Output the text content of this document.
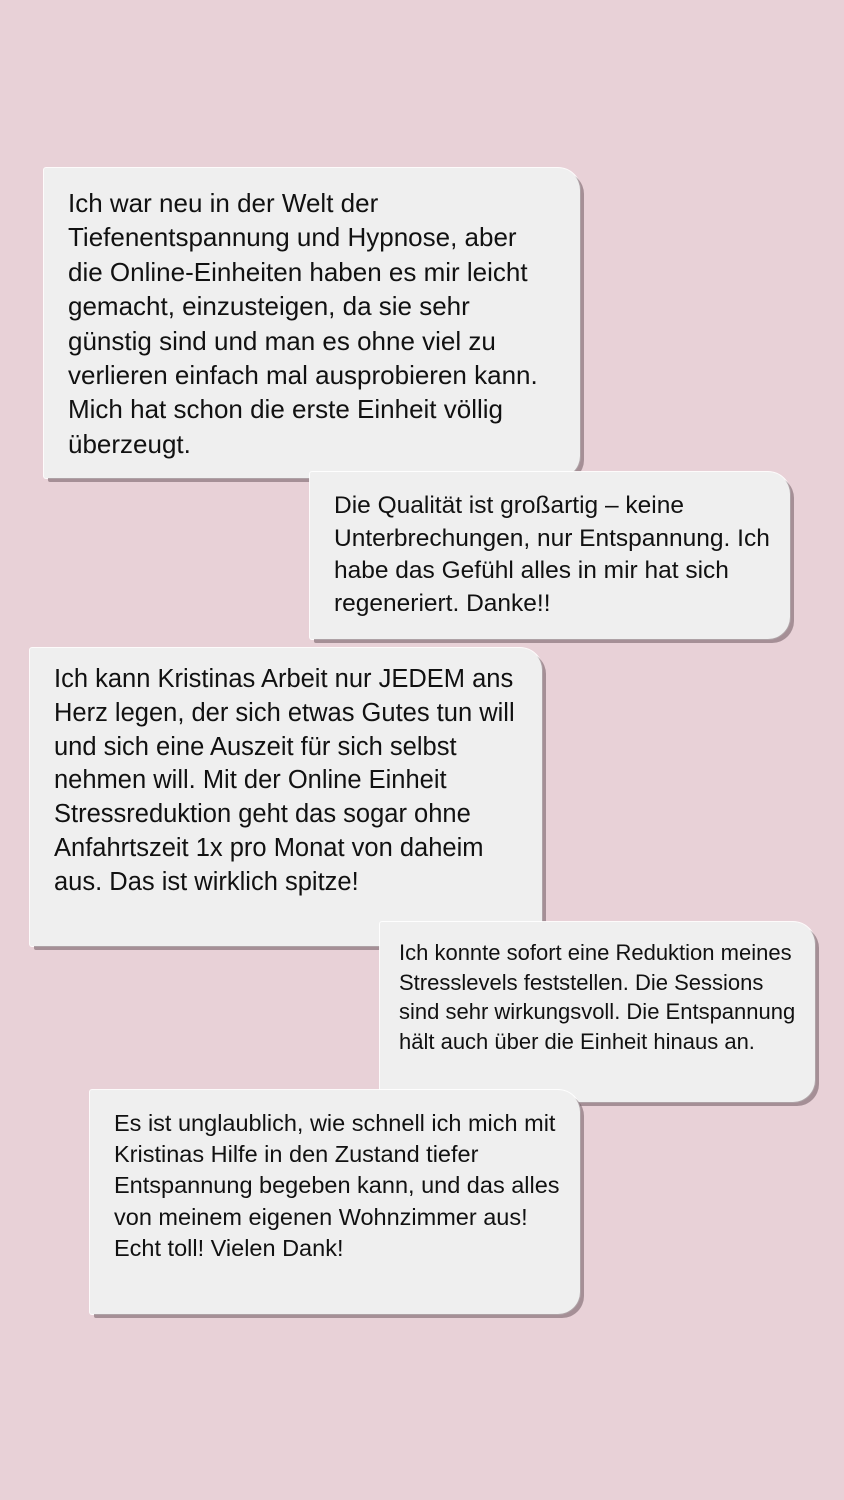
Ich war neu in der Welt der Tiefenentspannung und Hypnose, aber die Online-Einheiten haben es mir leicht gemacht, einzusteigen, da sie sehr günstig sind und man es ohne viel zu verlieren einfach mal ausprobieren kann. Mich hat schon die erste Einheit völlig überzeugt.

Die Qualität ist großartig – keine Unterbrechungen, nur Entspannung. Ich habe das Gefühl alles in mir hat sich regeneriert. Danke!!

Ich kann Kristinas Arbeit nur JEDEM ans Herz legen, der sich etwas Gutes tun will und sich eine Auszeit für sich selbst nehmen will. Mit der Online Einheit Stressreduktion geht das sogar ohne Anfahrtszeit 1x pro Monat von daheim aus. Das ist wirklich spitze!

Ich konnte sofort eine Reduktion meines Stresslevels feststellen. Die Sessions sind sehr wirkungsvoll. Die Entspannung hält auch über die Einheit hinaus an.

Es ist unglaublich, wie schnell ich mich mit Kristinas Hilfe in den Zustand tiefer Entspannung begeben kann, und das alles von meinem eigenen Wohnzimmer aus! Echt toll! Vielen Dank!
